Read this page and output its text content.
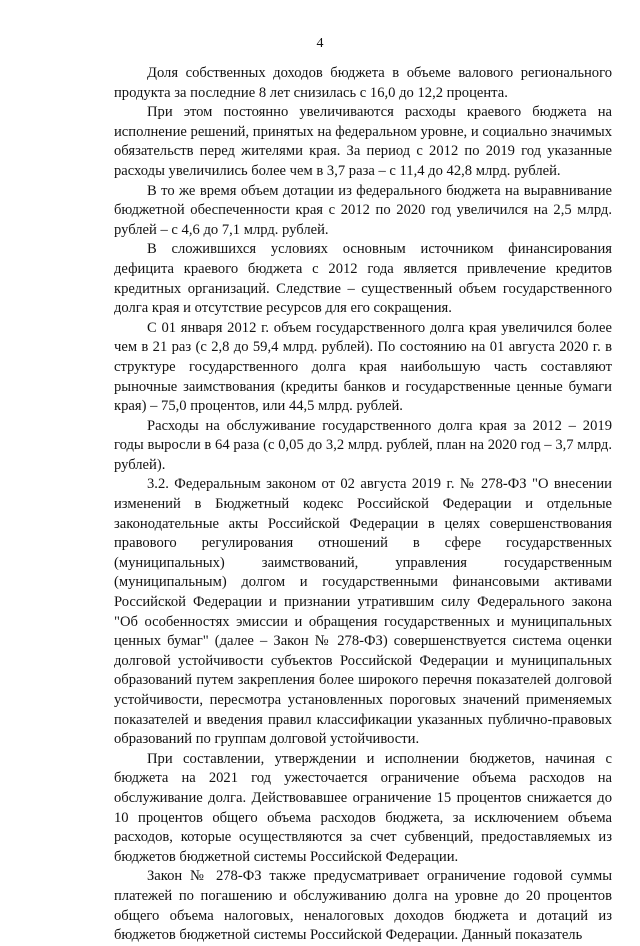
4

Доля собственных доходов бюджета в объеме валового регионального продукта за последние 8 лет снизилась с 16,0 до 12,2 процента.

При этом постоянно увеличиваются расходы краевого бюджета на исполнение решений, принятых на федеральном уровне, и социально значимых обязательств перед жителями края. За период с 2012 по 2019 год указанные расходы увеличились более чем в 3,7 раза – с 11,4 до 42,8 млрд. рублей.

В то же время объем дотации из федерального бюджета на выравнивание бюджетной обеспеченности края с 2012 по 2020 год увеличился на 2,5 млрд. рублей – с 4,6 до 7,1 млрд. рублей.

В сложившихся условиях основным источником финансирования дефицита краевого бюджета с 2012 года является привлечение кредитов кредитных организаций. Следствие – существенный объем государственного долга края и отсутствие ресурсов для его сокращения.

С 01 января 2012 г. объем государственного долга края увеличился более чем в 21 раз (с 2,8 до 59,4 млрд. рублей). По состоянию на 01 августа 2020 г. в структуре государственного долга края наибольшую часть составляют рыночные заимствования (кредиты банков и государственные ценные бумаги края) – 75,0 процентов, или 44,5 млрд. рублей.

Расходы на обслуживание государственного долга края за 2012 – 2019 годы выросли в 64 раза (с 0,05 до 3,2 млрд. рублей, план на 2020 год – 3,7 млрд. рублей).

3.2. Федеральным законом от 02 августа 2019 г. № 278-ФЗ "О внесении изменений в Бюджетный кодекс Российской Федерации и отдельные законодательные акты Российской Федерации в целях совершенствования правового регулирования отношений в сфере государственных (муниципальных) заимствований, управления государственным (муниципальным) долгом и государственными финансовыми активами Российской Федерации и признании утратившим силу Федерального закона "Об особенностях эмиссии и обращения государственных и муниципальных ценных бумаг" (далее – Закон № 278-ФЗ) совершенствуется система оценки долговой устойчивости субъектов Российской Федерации и муниципальных образований путем закрепления более широкого перечня показателей долговой устойчивости, пересмотра установленных пороговых значений применяемых показателей и введения правил классификации указанных публично-правовых образований по группам долговой устойчивости.

При составлении, утверждении и исполнении бюджетов, начиная с бюджета на 2021 год ужесточается ограничение объема расходов на обслуживание долга. Действовавшее ограничение 15 процентов снижается до 10 процентов общего объема расходов бюджета, за исключением объема расходов, которые осуществляются за счет субвенций, предоставляемых из бюджетов бюджетной системы Российской Федерации.

Закон № 278-ФЗ также предусматривает ограничение годовой суммы платежей по погашению и обслуживанию долга на уровне до 20 процентов общего объема налоговых, неналоговых доходов бюджета и дотаций из бюджетов бюджетной системы Российской Федерации. Данный показатель
